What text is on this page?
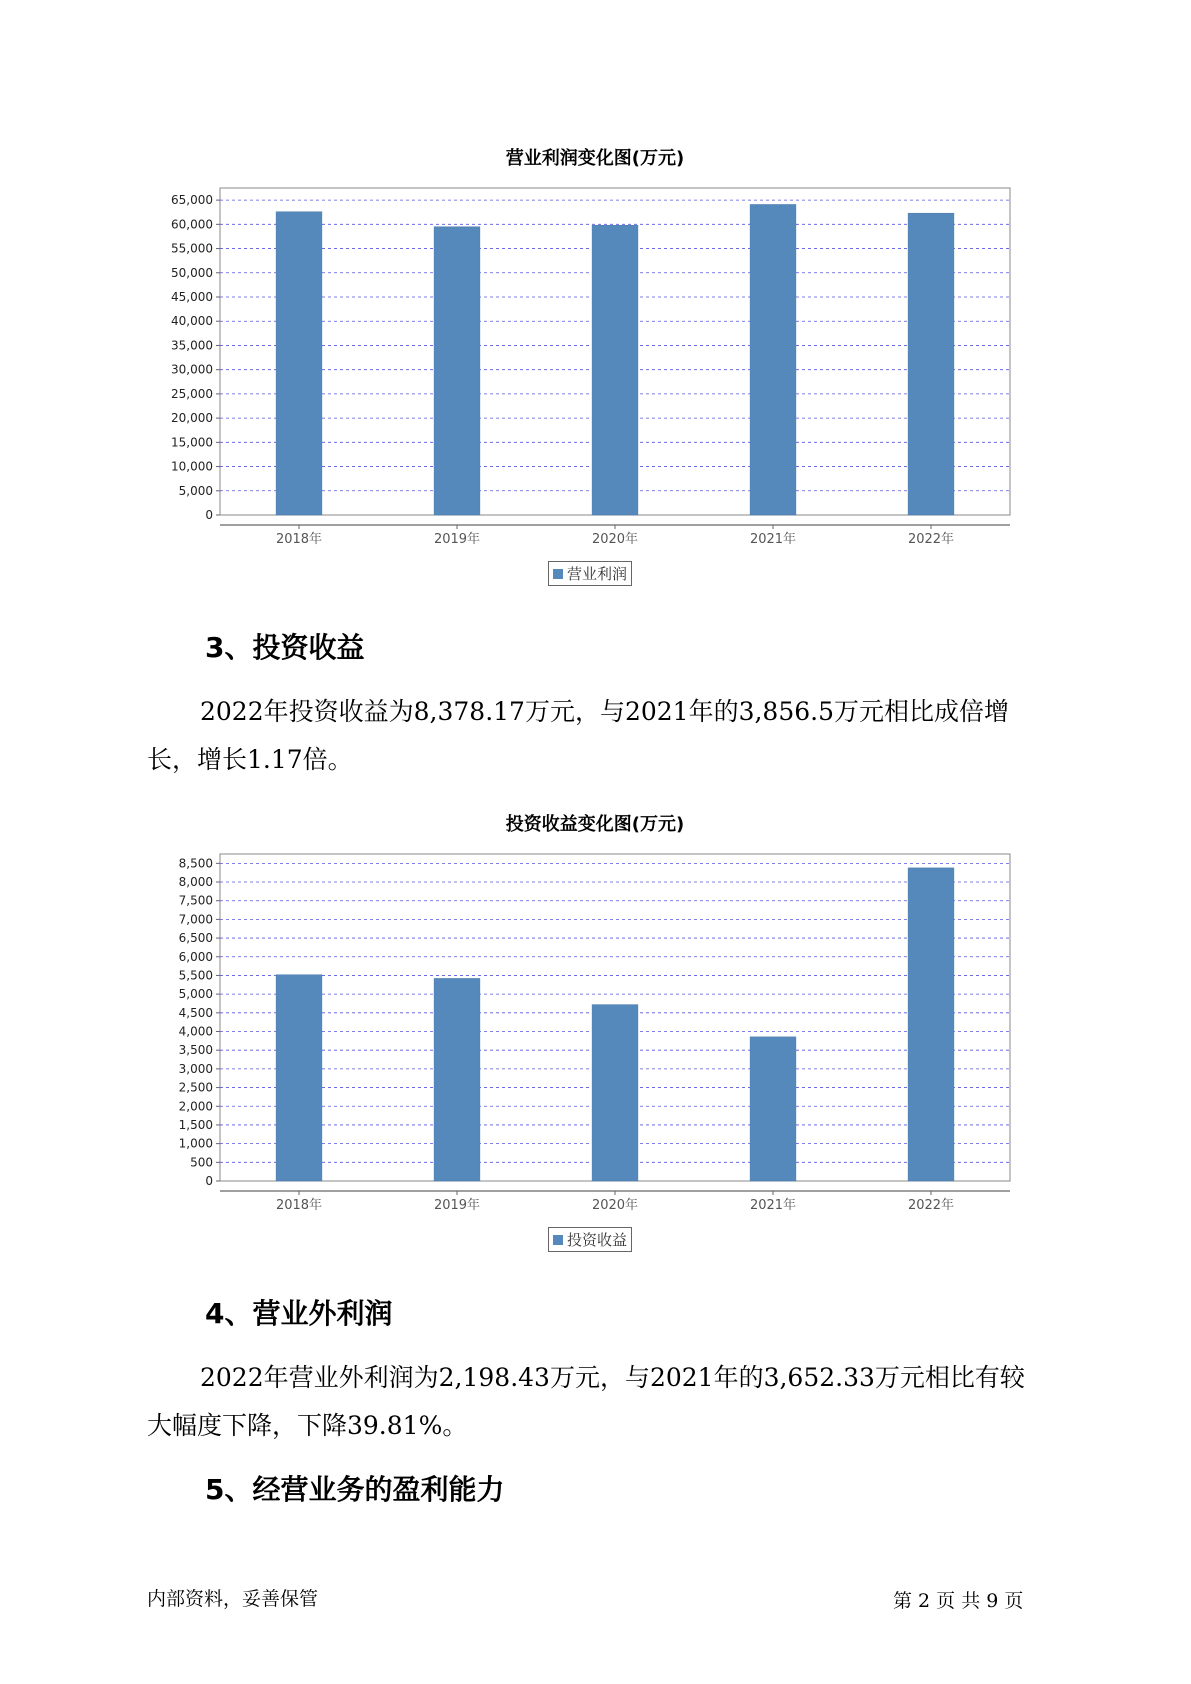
营业利润变化图(万元)
0
5,000
10,000
15,000
20,000
25,000
30,000
35,000
40,000
45,000
50,000
55,000
60,000
65,000
2018年	2019年	2020年	2021年	2022年
营业利润
3、投资收益

2022年投资收益为8,378.17万元，与2021年的3,856.5万元相比成倍增长，增长1.17倍。

投资收益变化图(万元)
0
500
1,000
1,500
2,000
2,500
3,000
3,500
4,000
4,500
5,000
5,500
6,000
6,500
7,000
7,500
8,000
8,500
2018年	2019年	2020年	2021年	2022年
投资收益
4、营业外利润

2022年营业外利润为2,198.43万元，与2021年的3,652.33万元相比有较大幅度下降，下降39.81%。

5、经营业务的盈利能力
内部资料，妥善保管	第 2 页 共 9 页
